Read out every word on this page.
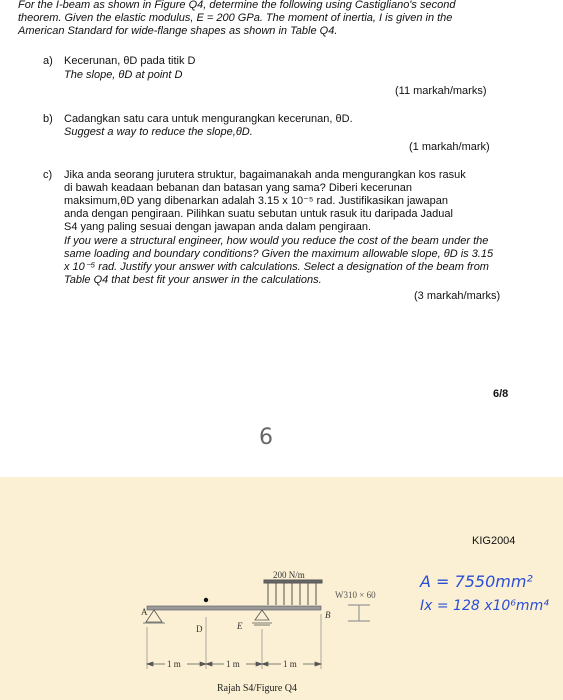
For the I-beam as shown in Figure Q4, determine the following using Castigliano's second
theorem. Given the elastic modulus, E = 200 GPa. The moment of inertia, I is given in the
American Standard for wide-flange shapes as shown in Table Q4.
a) Kecerunan, θD pada titik D
The slope, θD at point D
(11 markah/marks)
b) Cadangkan satu cara untuk mengurangkan kecerunan, θD.
Suggest a way to reduce the slope,θD.
(1 markah/mark)
c) Jika anda seorang jurutera struktur, bagaimanakah anda mengurangkan kos rasuk
di bawah keadaan bebanan dan batasan yang sama? Diberi kecerunan
maksimum,θD yang dibenarkan adalah 3.15 x 10⁻⁵ rad. Justifikasikan jawapan
anda dengan pengiraan. Pilihkan suatu sebutan untuk rasuk itu daripada Jadual
S4 yang paling sesuai dengan jawapan anda dalam pengiraan.
If you were a structural engineer, how would you reduce the cost of the beam under the
same loading and boundary conditions? Given the maximum allowable slope, θD is 3.15
x 10⁻⁵ rad. Justify your answer with calculations. Select a designation of the beam from
Table Q4 that best fit your answer in the calculations.
(3 markah/marks)
6/8
6
KIG2004
200 N/m
A	B
D	E
1 m	1 m	1 m
W310 × 60
Rajah S4/Figure Q4
A = 7550mm²
Ix = 128 x10⁶mm⁴
